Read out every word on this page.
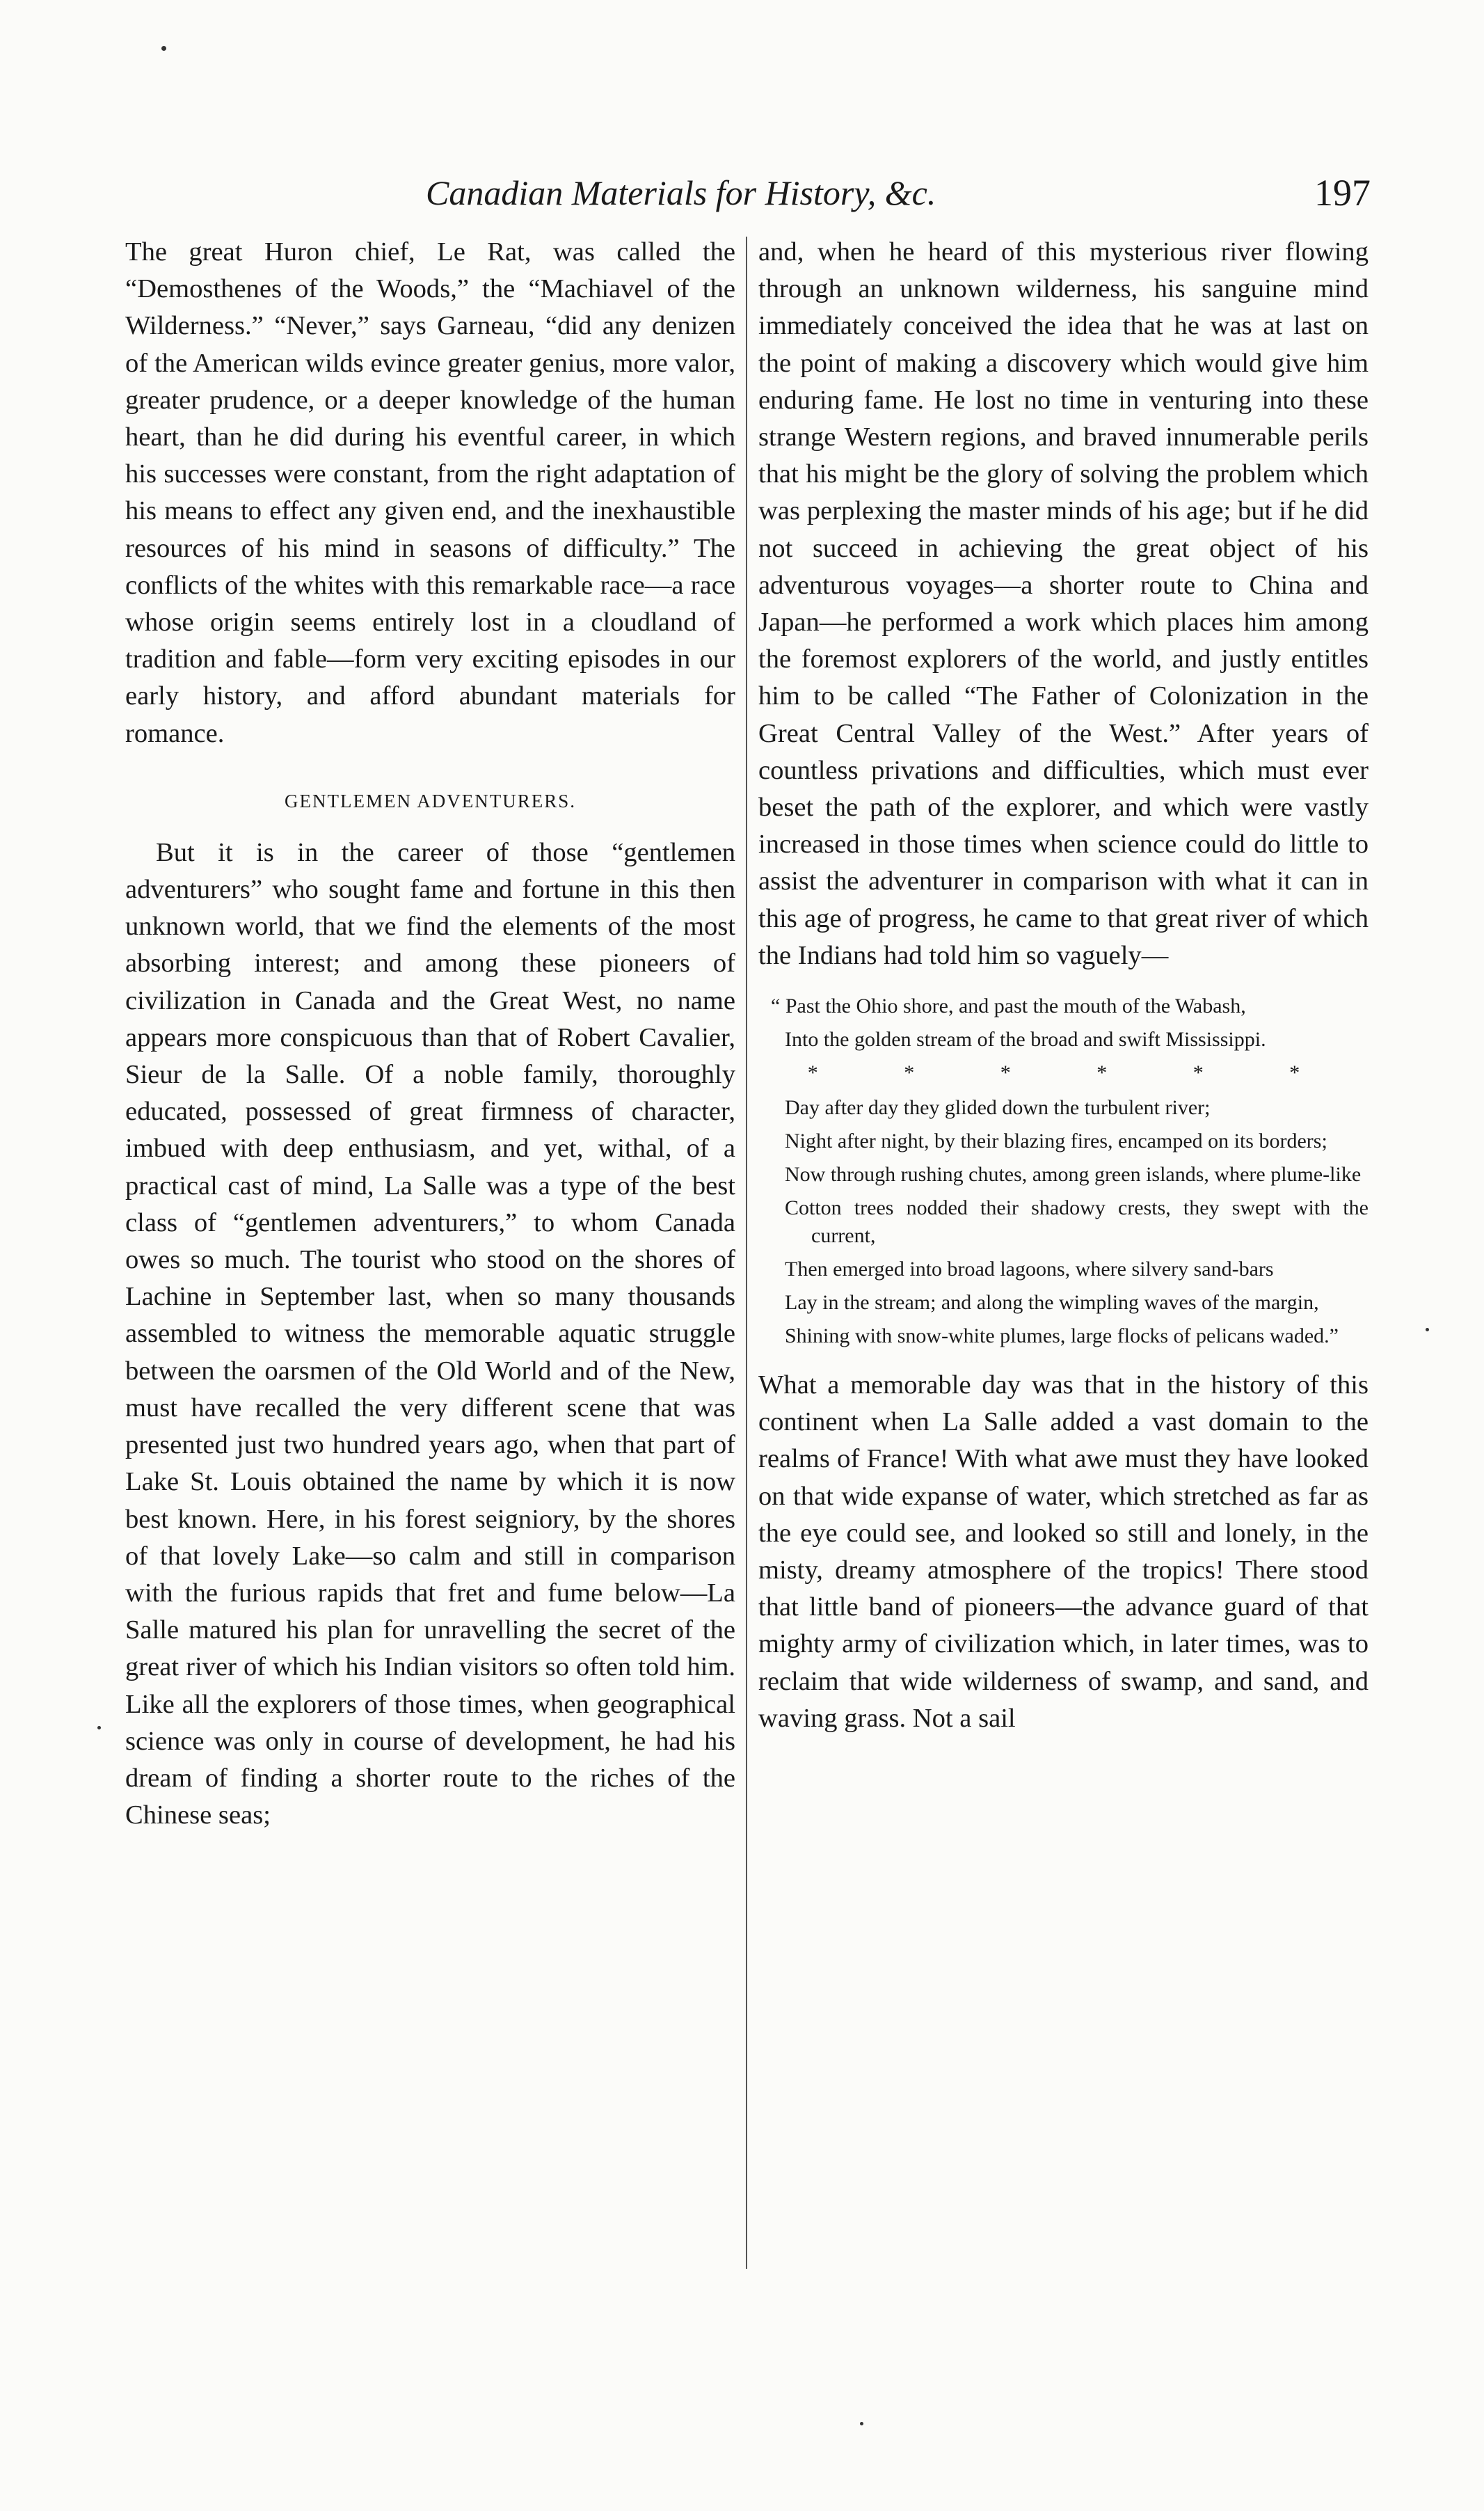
Canadian Materials for History, &c.	197

The great Huron chief, Le Rat, was called the “Demosthenes of the Woods,” the “Machiavel of the Wilderness.” “Never,” says Garneau, “did any denizen of the American wilds evince greater genius, more valor, greater prudence, or a deeper knowledge of the human heart, than he did during his eventful career, in which his successes were constant, from the right adaptation of his means to effect any given end, and the inexhaustible resources of his mind in seasons of difficulty.” The conflicts of the whites with this remarkable race—a race whose origin seems entirely lost in a cloudland of tradition and fable—form very exciting episodes in our early history, and afford abundant materials for romance.

GENTLEMEN ADVENTURERS.

But it is in the career of those “gentlemen adventurers” who sought fame and fortune in this then unknown world, that we find the elements of the most absorbing interest; and among these pioneers of civilization in Canada and the Great West, no name appears more conspicuous than that of Robert Cavalier, Sieur de la Salle. Of a noble family, thoroughly educated, possessed of great firmness of character, imbued with deep enthusiasm, and yet, withal, of a practical cast of mind, La Salle was a type of the best class of “gentlemen adventurers,” to whom Canada owes so much. The tourist who stood on the shores of Lachine in September last, when so many thousands assembled to witness the memorable aquatic struggle between the oarsmen of the Old World and of the New, must have recalled the very different scene that was presented just two hundred years ago, when that part of Lake St. Louis obtained the name by which it is now best known. Here, in his forest seigniory, by the shores of that lovely Lake—so calm and still in comparison with the furious rapids that fret and fume below—La Salle matured his plan for unravelling the secret of the great river of which his Indian visitors so often told him. Like all the explorers of those times, when geographical science was only in course of development, he had his dream of finding a shorter route to the riches of the Chinese seas;

and, when he heard of this mysterious river flowing through an unknown wilderness, his sanguine mind immediately conceived the idea that he was at last on the point of making a discovery which would give him enduring fame. He lost no time in venturing into these strange Western regions, and braved innumerable perils that his might be the glory of solving the problem which was perplexing the master minds of his age; but if he did not succeed in achieving the great object of his adventurous voyages—a shorter route to China and Japan—he performed a work which places him among the foremost explorers of the world, and justly entitles him to be called “The Father of Colonization in the Great Central Valley of the West.” After years of countless privations and difficulties, which must ever beset the path of the explorer, and which were vastly increased in those times when science could do little to assist the adventurer in comparison with what it can in this age of progress, he came to that great river of which the Indians had told him so vaguely—

“ Past the Ohio shore, and past the mouth of the Wabash,

Into the golden stream of the broad and swift Mississippi.

* * * * * *

Day after day they glided down the turbulent river;

Night after night, by their blazing fires, encamped on its borders;

Now through rushing chutes, among green islands, where plume-like

Cotton trees nodded their shadowy crests, they swept with the current,

Then emerged into broad lagoons, where silvery sand-bars

Lay in the stream; and along the wimpling waves of the margin,

Shining with snow-white plumes, large flocks of pelicans waded.”

What a memorable day was that in the history of this continent when La Salle added a vast domain to the realms of France! With what awe must they have looked on that wide expanse of water, which stretched as far as the eye could see, and looked so still and lonely, in the misty, dreamy atmosphere of the tropics! There stood that little band of pioneers—the advance guard of that mighty army of civilization which, in later times, was to reclaim that wide wilderness of swamp, and sand, and waving grass. Not a sail
